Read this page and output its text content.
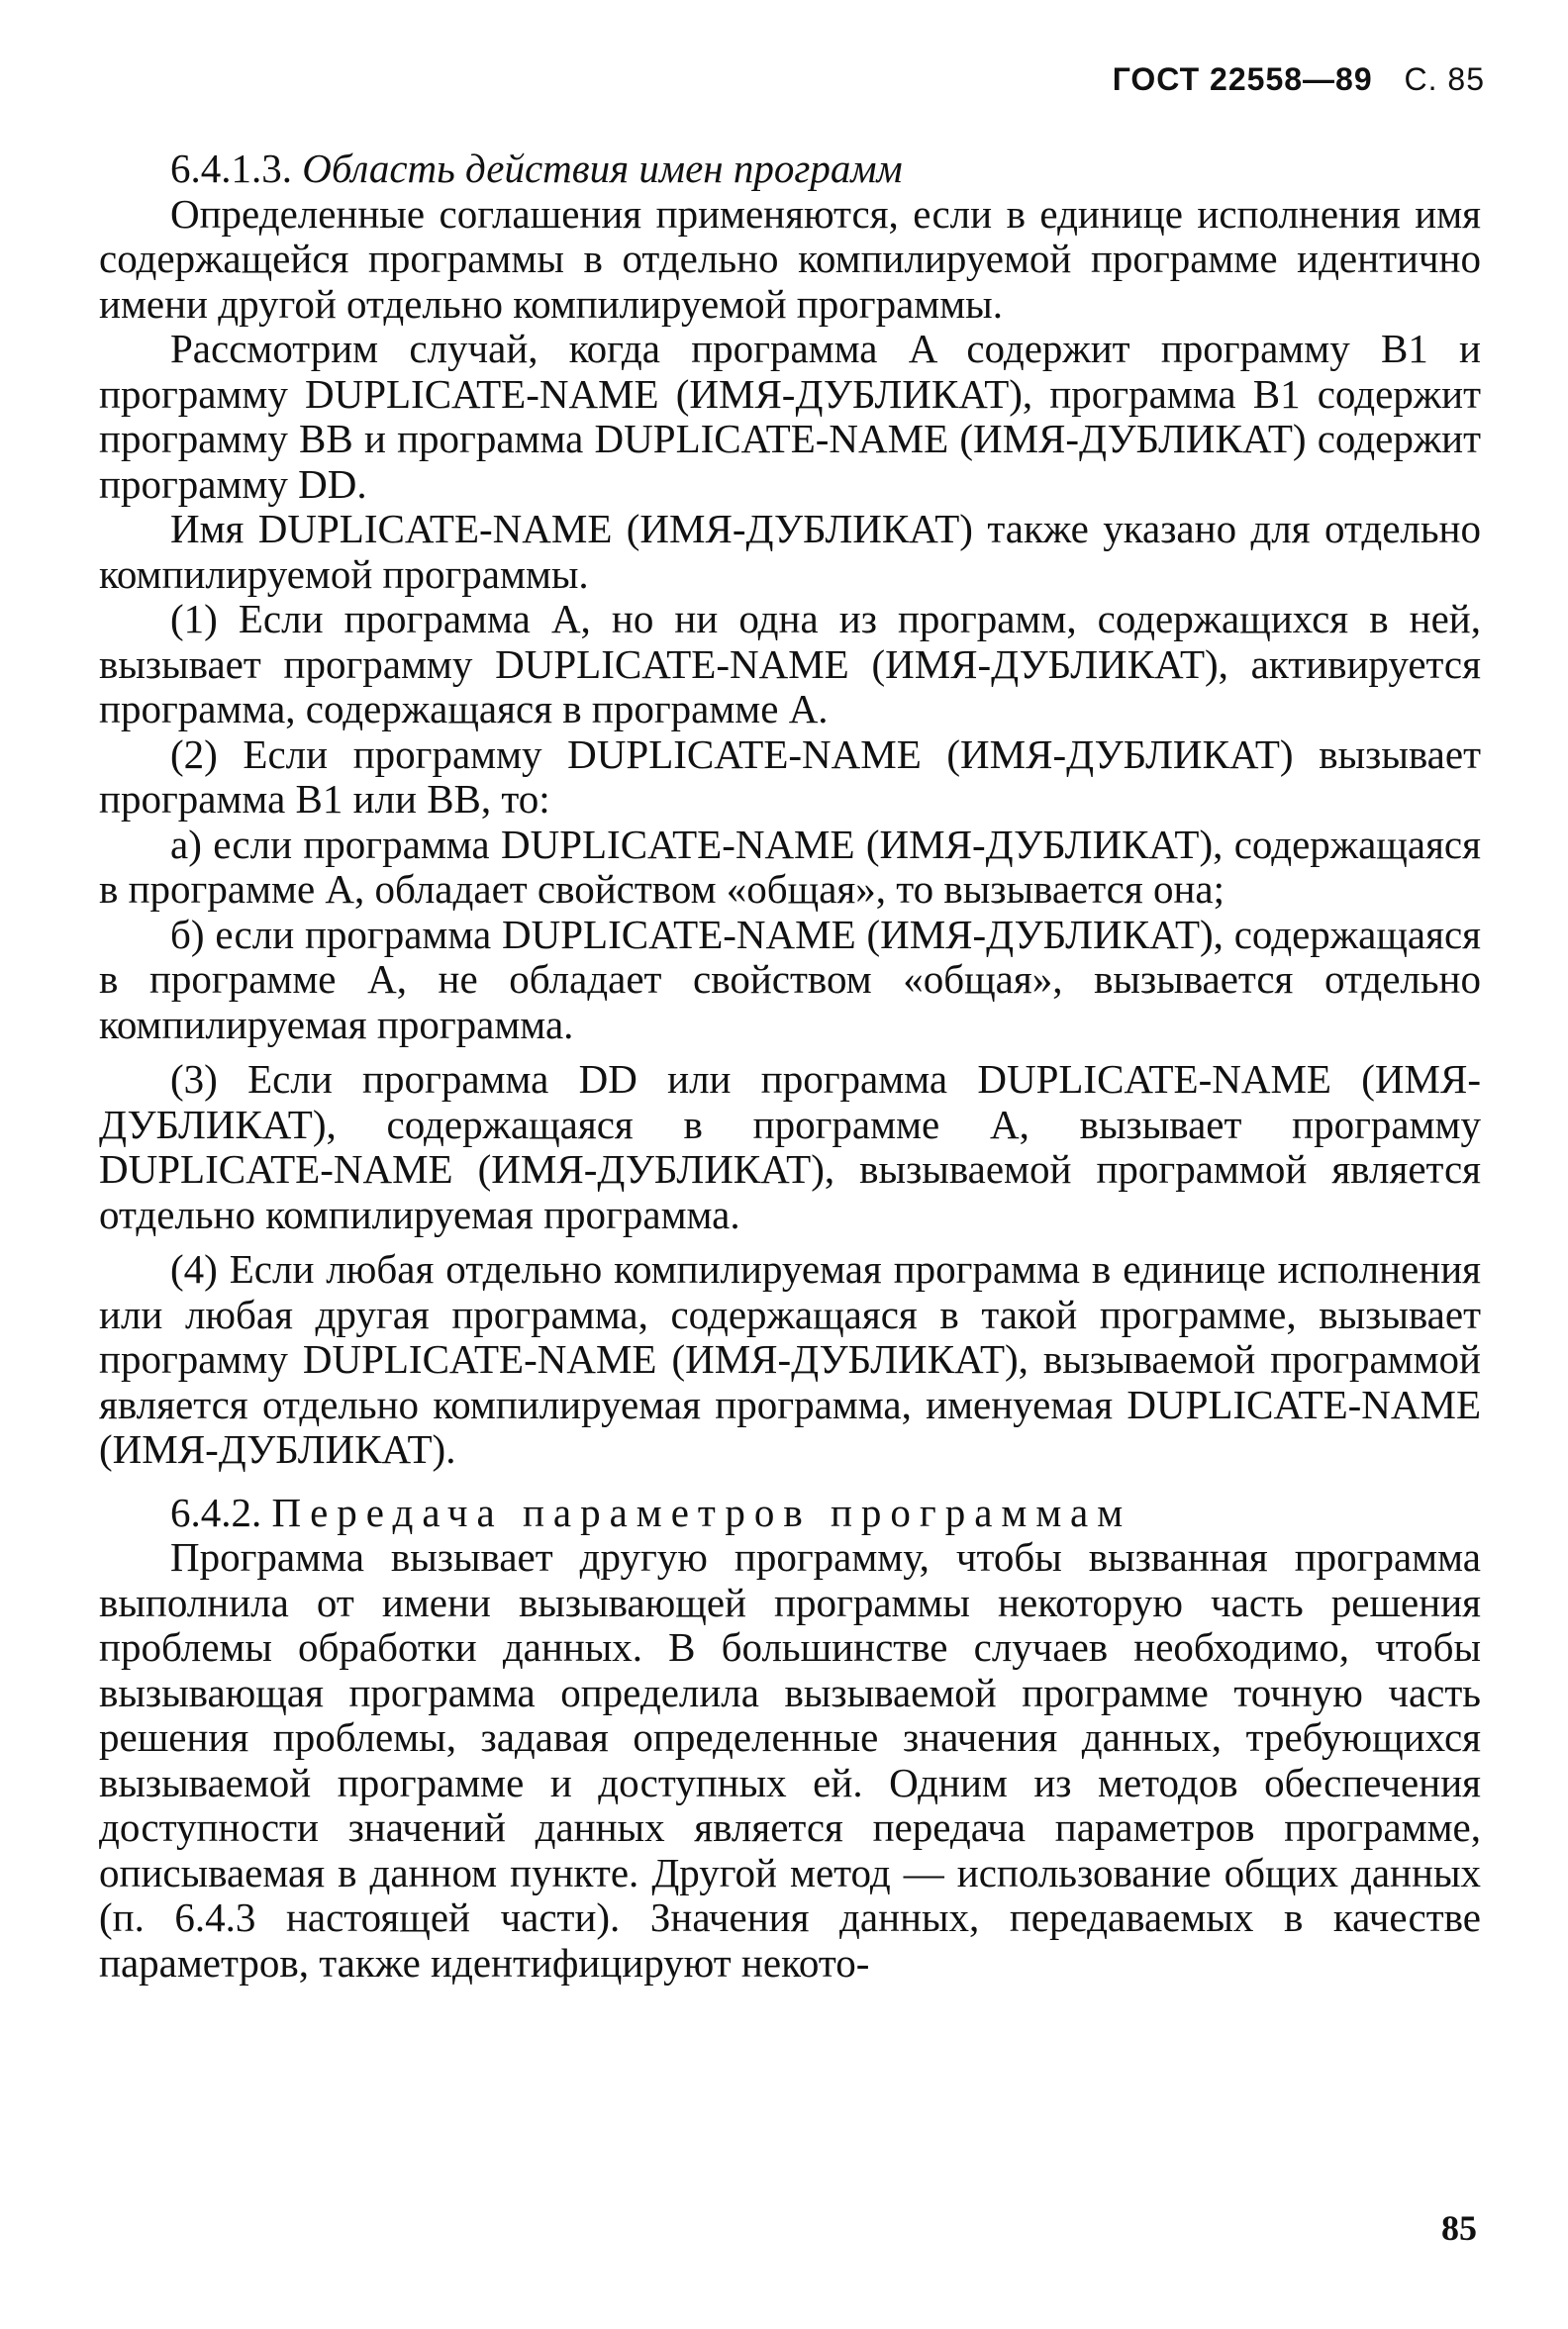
ГОСТ 22558—89 С. 85

6.4.1.3. Область действия имен программ

Определенные соглашения применяются, если в единице исполнения имя содержащейся программы в отдельно компилируемой программе идентично имени другой отдельно компилируемой программы.

Рассмотрим случай, когда программа A содержит программу B1 и программу DUPLICATE-NAME (ИМЯ-ДУБЛИКАТ), программа B1 содержит программу BB и программа DUPLICATE-NAME (ИМЯ-ДУБЛИКАТ) содержит программу DD.

Имя DUPLICATE-NAME (ИМЯ-ДУБЛИКАТ) также указано для отдельно компилируемой программы.

(1) Если программа A, но ни одна из программ, содержащихся в ней, вызывает программу DUPLICATE-NAME (ИМЯ-ДУБЛИКАТ), активируется программа, содержащаяся в программе A.

(2) Если программу DUPLICATE-NAME (ИМЯ-ДУБЛИКАТ) вызывает программа B1 или BB, то:

а) если программа DUPLICATE-NAME (ИМЯ-ДУБЛИКАТ), содержащаяся в программе A, обладает свойством «общая», то вызывается она;

б) если программа DUPLICATE-NAME (ИМЯ-ДУБЛИКАТ), содержащаяся в программе A, не обладает свойством «общая», вызывается отдельно компилируемая программа.

(3) Если программа DD или программа DUPLICATE-NAME (ИМЯ-ДУБЛИКАТ), содержащаяся в программе A, вызывает программу DUPLICATE-NAME (ИМЯ-ДУБЛИКАТ), вызываемой программой является отдельно компилируемая программа.

(4) Если любая отдельно компилируемая программа в единице исполнения или любая другая программа, содержащаяся в такой программе, вызывает программу DUPLICATE-NAME (ИМЯ-ДУБЛИКАТ), вызываемой программой является отдельно компилируемая программа, именуемая DUPLICATE-NAME (ИМЯ-ДУБЛИКАТ).

6.4.2. Передача параметров программам

Программа вызывает другую программу, чтобы вызванная программа выполнила от имени вызывающей программы некоторую часть решения проблемы обработки данных. В большинстве случаев необходимо, чтобы вызывающая программа определила вызываемой программе точную часть решения проблемы, задавая определенные значения данных, требующихся вызываемой программе и доступных ей. Одним из методов обеспечения доступности значений данных является передача параметров программе, описываемая в данном пункте. Другой метод — использование общих данных (п. 6.4.3 настоящей части). Значения данных, передаваемых в качестве параметров, также идентифицируют некото-

85
